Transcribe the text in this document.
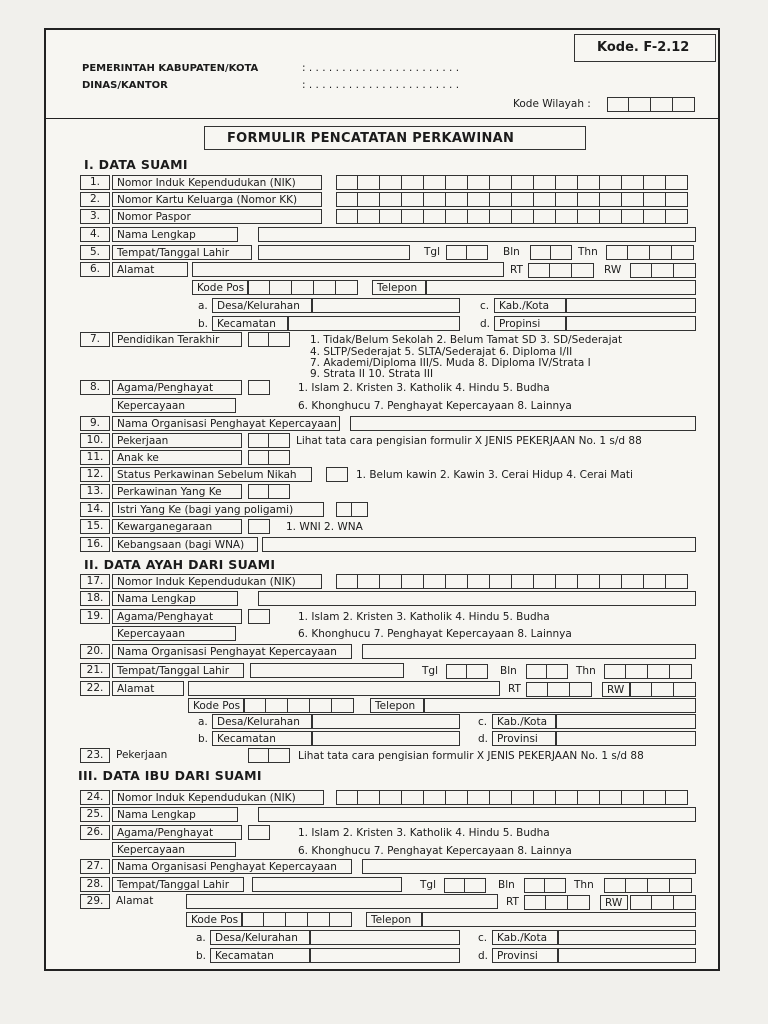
Kode. F-2.12
PEMERINTAH KABUPATEN/KOTA	: . . . . . . . . . . . . . . . . . . . . . . .
DINAS/KANTOR	: . . . . . . . . . . . . . . . . . . . . . . .
Kode Wilayah :
FORMULIR PENCATATAN PERKAWINAN
I. DATA SUAMI
1.	Nomor Induk Kependudukan (NIK)
2.	Nomor Kartu Keluarga (Nomor KK)
3.	Nomor Paspor
4.	Nama Lengkap
5.	Tempat/Tanggal Lahir	Tgl	Bln	Thn
6.	Alamat	RT	RW
Kode Pos	Telepon
a. Desa/Kelurahan	c. Kab./Kota
b. Kecamatan	d. Propinsi
7.	Pendidikan Terakhir	1. Tidak/Belum Sekolah 2. Belum Tamat SD 3. SD/Sederajat
4. SLTP/Sederajat 5. SLTA/Sederajat 6. Diploma I/II
7. Akademi/Diploma III/S. Muda 8. Diploma IV/Strata I
9. Strata II 10. Strata III
8.	Agama/Penghayat	1. Islam 2. Kristen 3. Katholik 4. Hindu 5. Budha
Kepercayaan	6. Khonghucu 7. Penghayat Kepercayaan 8. Lainnya
9.	Nama Organisasi Penghayat Kepercayaan
10.	Pekerjaan	Lihat tata cara pengisian formulir X JENIS PEKERJAAN No. 1 s/d 88
11.	Anak ke
12.	Status Perkawinan Sebelum Nikah	1. Belum kawin 2. Kawin 3. Cerai Hidup 4. Cerai Mati
13.	Perkawinan Yang Ke
14.	Istri Yang Ke (bagi yang poligami)
15.	Kewarganegaraan	1. WNI 2. WNA
16.	Kebangsaan (bagi WNA)
II. DATA AYAH DARI SUAMI
17.	Nomor Induk Kependudukan (NIK)
18.	Nama Lengkap
19.	Agama/Penghayat	1. Islam 2. Kristen 3. Katholik 4. Hindu 5. Budha
Kepercayaan	6. Khonghucu 7. Penghayat Kepercayaan 8. Lainnya
20.	Nama Organisasi Penghayat Kepercayaan
21.	Tempat/Tanggal Lahir	Tgl	Bln	Thn
22.	Alamat	RT	RW
Kode Pos	Telepon
a. Desa/Kelurahan	c. Kab./Kota
b. Kecamatan	d. Provinsi
23.	Pekerjaan	Lihat tata cara pengisian formulir X JENIS PEKERJAAN No. 1 s/d 88
III. DATA IBU DARI SUAMI
24.	Nomor Induk Kependudukan (NIK)
25.	Nama Lengkap
26.	Agama/Penghayat	1. Islam 2. Kristen 3. Katholik 4. Hindu 5. Budha
Kepercayaan	6. Khonghucu 7. Penghayat Kepercayaan 8. Lainnya
27.	Nama Organisasi Penghayat Kepercayaan
28.	Tempat/Tanggal Lahir	Tgl	Bln	Thn
29.	Alamat	RT	RW
Kode Pos	Telepon
a. Desa/Kelurahan	c. Kab./Kota
b. Kecamatan	d. Provinsi
